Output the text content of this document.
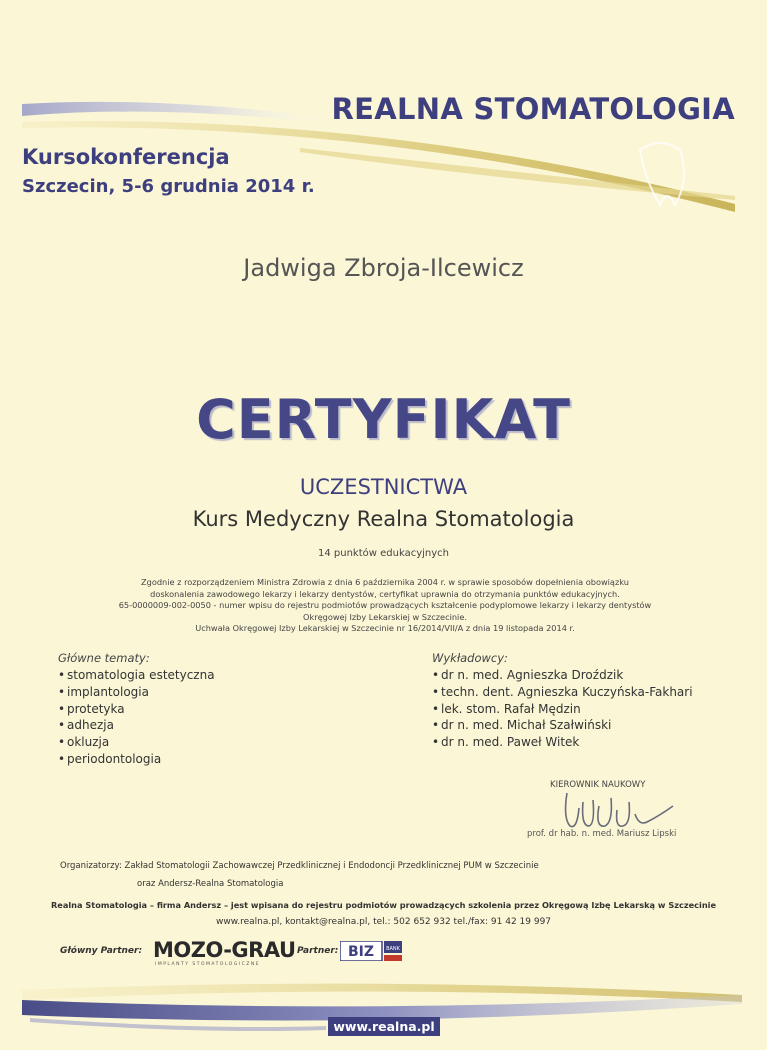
REALNA STOMATOLOGIA
Kursokonferencja
Szczecin, 5-6 grudnia 2014 r.
Jadwiga Zbroja-Ilcewicz
CERTYFIKAT
UCZESTNICTWA
Kurs Medyczny Realna Stomatologia
14 punktów edukacyjnych
Zgodnie z rozporządzeniem Ministra Zdrowia z dnia 6 października 2004 r. w sprawie sposobów dopełnienia obowiązku
doskonalenia zawodowego lekarzy i lekarzy dentystów, certyfikat uprawnia do otrzymania punktów edukacyjnych.
65-0000009-002-0050 - numer wpisu do rejestru podmiotów prowadzących kształcenie podyplomowe lekarzy i lekarzy dentystów
Okręgowej Izby Lekarskiej w Szczecinie.
Uchwała Okręgowej Izby Lekarskiej w Szczecinie nr 16/2014/VII/A z dnia 19 listopada 2014 r.
Główne tematy:
• stomatologia estetyczna
• implantologia
• protetyka
• adhezja
• okluzja
• periodontologia
Wykładowcy:
• dr n. med. Agnieszka Droździk
• techn. dent. Agnieszka Kuczyńska-Fakhari
• lek. stom. Rafał Mędzin
• dr n. med. Michał Szałwiński
• dr n. med. Paweł Witek
KIEROWNIK NAUKOWY
prof. dr hab. n. med. Mariusz Lipski
Organizatorzy: Zakład Stomatologii Zachowawczej Przedklinicznej i Endodoncji Przedklinicznej PUM w Szczecinie
oraz Andersz-Realna Stomatologia
Realna Stomatologia – firma Andersz – jest wpisana do rejestru podmiotów prowadzących szkolenia przez Okręgową Izbę Lekarską w Szczecinie
www.realna.pl, kontakt@realna.pl, tel.: 502 652 932 tel./fax: 91 42 19 997
Główny Partner: MOZO-GRAU
IMPLANTY STOMATOLOGICZNE
Partner: BIZ BANK
www.realna.pl
